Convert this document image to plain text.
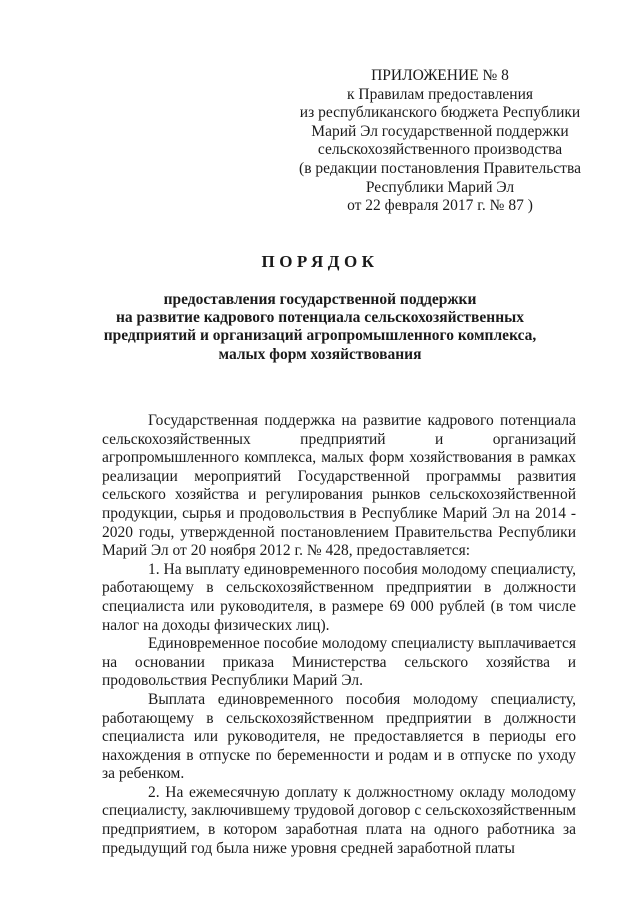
ПРИЛОЖЕНИЕ № 8
к Правилам предоставления
из республиканского бюджета Республики
Марий Эл государственной поддержки
сельскохозяйственного производства
(в редакции постановления Правительства
Республики Марий Эл
от 22 февраля 2017 г. № 87 )
ПОРЯДОК
предоставления государственной поддержки
на развитие кадрового потенциала сельскохозяйственных
предприятий и организаций агропромышленного комплекса,
малых форм хозяйствования

Государственная поддержка на развитие кадрового потенциала сельскохозяйственных предприятий и организаций агропромышленного комплекса, малых форм хозяйствования в рамках реализации мероприятий Государственной программы развития сельского хозяйства и регулирования рынков сельскохозяйственной продукции, сырья и продовольствия в Республике Марий Эл на 2014 - 2020 годы, утвержденной постановлением Правительства Республики Марий Эл от 20 ноября 2012 г. № 428, предоставляется:

1. На выплату единовременного пособия молодому специалисту, работающему в сельскохозяйственном предприятии в должности специалиста или руководителя, в размере 69 000 рублей (в том числе налог на доходы физических лиц).

Единовременное пособие молодому специалисту выплачивается на основании приказа Министерства сельского хозяйства и продовольствия Республики Марий Эл.

Выплата единовременного пособия молодому специалисту, работающему в сельскохозяйственном предприятии в должности специалиста или руководителя, не предоставляется в периоды его нахождения в отпуске по беременности и родам и в отпуске по уходу за ребенком.

2. На ежемесячную доплату к должностному окладу молодому специалисту, заключившему трудовой договор с сельскохозяйственным предприятием, в котором заработная плата на одного работника за предыдущий год была ниже уровня средней заработной платы
